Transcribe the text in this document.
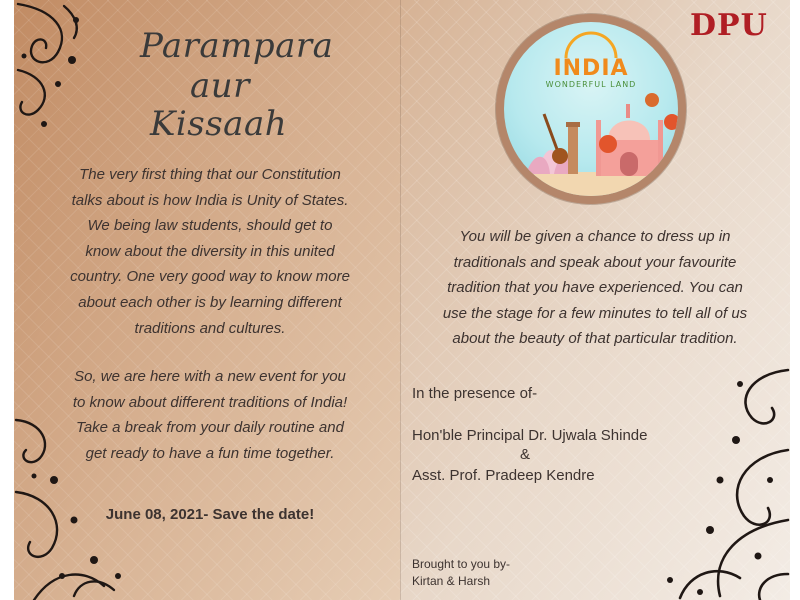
Parampara
aur
Kissaah
The very first thing that our Constitution
talks about is how India is Unity of States.
We being law students, should get to
know about the diversity in this united
country. One very good way to know more
about each other is by learning different
traditions and cultures.
So, we are here with a new event for you
to know about different traditions of India!
Take a break from your daily routine and
get ready to have a fun time together.
June 08, 2021- Save the date!
DPU
INDIA
WONDERFUL LAND
You will be given a chance to dress up in
traditionals and speak about your favourite
tradition that you have experienced. You can
use the stage for a few minutes to tell all of us
about the beauty of that particular tradition.
In the presence of-
Hon'ble Principal Dr. Ujwala Shinde
&
Asst. Prof. Pradeep Kendre
Brought to you by-
Kirtan & Harsh
